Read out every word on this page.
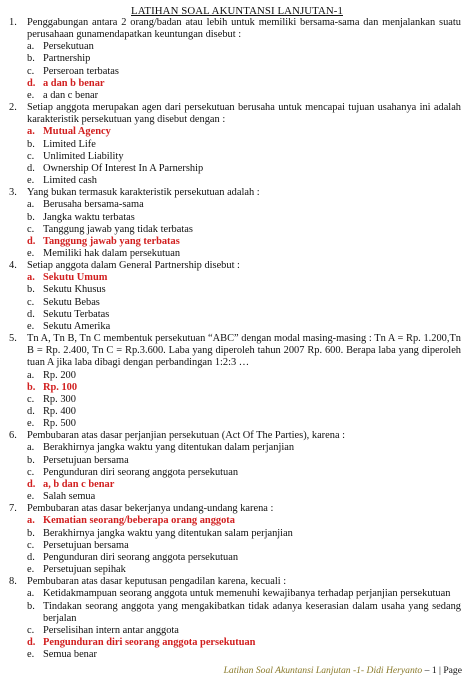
LATIHAN SOAL AKUNTANSI LANJUTAN-1
1. Penggabungan antara 2 orang/badan atau lebih untuk memiliki bersama-sama dan menjalankan suatu perusahaan gunamendapatkan keuntungan disebut :
a. Persekutuan
b. Partnership
c. Perseroan terbatas
d. a dan b benar
e. a dan c benar
2. Setiap anggota merupakan agen dari persekutuan berusaha untuk mencapai tujuan usahanya ini adalah karakteristik persekutuan yang disebut dengan :
a. Mutual Agency
b. Limited Life
c. Unlimited Liability
d. Ownership Of Interest In A Parnership
e. Limited cash
3. Yang bukan termasuk karakteristik persekutuan adalah :
a. Berusaha bersama-sama
b. Jangka waktu terbatas
c. Tanggung jawab yang tidak terbatas
d. Tanggung jawab yang terbatas
e. Memiliki hak dalam persekutuan
4. Setiap anggota dalam General Partnership disebut :
a. Sekutu Umum
b. Sekutu Khusus
c. Sekutu Bebas
d. Sekutu Terbatas
e. Sekutu Amerika
5. Tn A, Tn B, Tn C membentuk persekutuan “ABC” dengan modal masing-masing : Tn A = Rp. 1.200,Tn B = Rp. 2.400, Tn C = Rp.3.600. Laba yang diperoleh tahun 2007 Rp. 600. Berapa laba yang diperoleh tuan A jika laba dibagi dengan perbandingan 1:2:3 …
a. Rp. 200
b. Rp. 100
c. Rp. 300
d. Rp. 400
e. Rp. 500
6. Pembubaran atas dasar perjanjian persekutuan (Act Of The Parties), karena :
a. Berakhirnya jangka waktu yang ditentukan dalam perjanjian
b. Persetujuan bersama
c. Pengunduran diri seorang anggota persekutuan
d. a, b dan c benar
e. Salah semua
7. Pembubaran atas dasar bekerjanya undang-undang karena :
a. Kematian seorang/beberapa orang anggota
b. Berakhirnya jangka waktu yang ditentukan salam perjanjian
c. Persetujuan bersama
d. Pengunduran diri seorang anggota persekutuan
e. Persetujuan sepihak
8. Pembubaran atas dasar keputusan pengadilan karena, kecuali :
a. Ketidakmampuan seorang anggota untuk memenuhi kewajibanya terhadap perjanjian persekutuan
b. Tindakan seorang anggota yang mengakibatkan tidak adanya keserasian dalam usaha yang sedang berjalan
c. Perselisihan intern antar anggota
d. Pengunduran diri seorang anggota persekutuan
e. Semua benar
Latihan Soal Akuntansi Lanjutan -1- Didi Heryanto – 1 | Page
